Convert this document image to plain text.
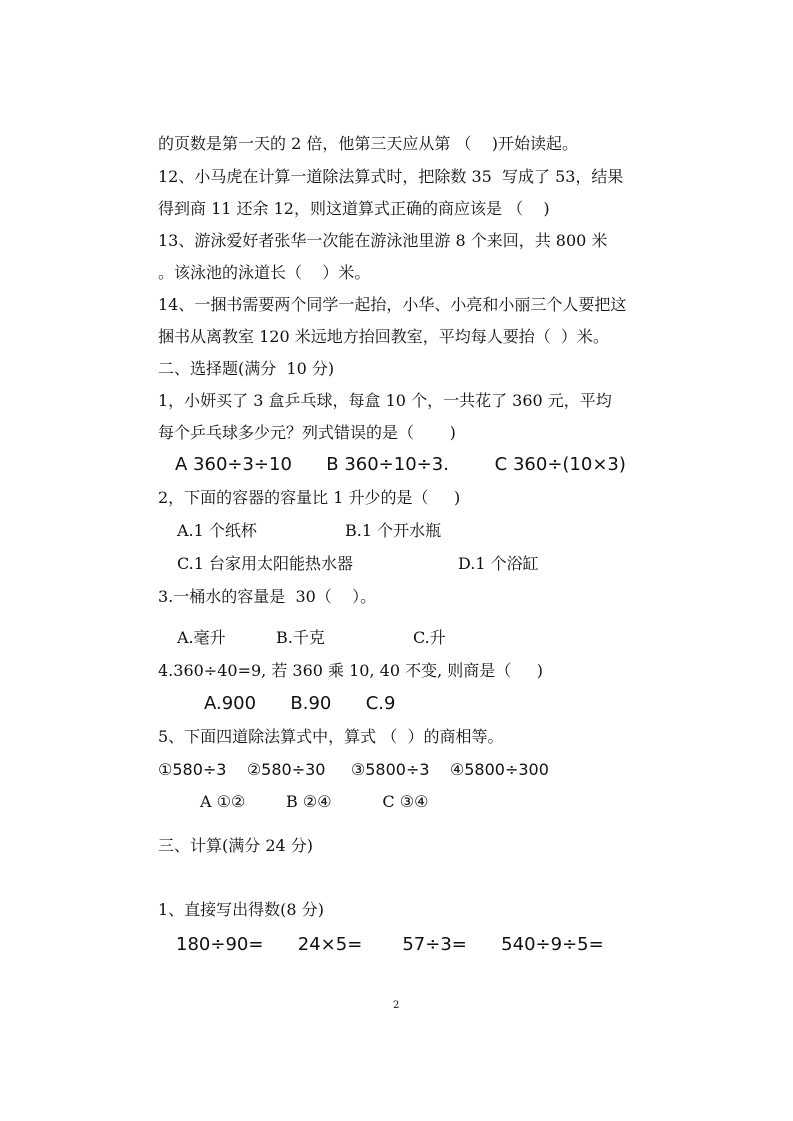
的页数是第一天的 2 倍，他第三天应从第 （    )开始读起。
12、小马虎在计算一道除法算式时，把除数 35  写成了 53，结果
得到商 11 还余 12，则这道算式正确的商应该是 （    )
13、游泳爱好者张华一次能在游泳池里游 8 个来回，共 800 米
。该泳池的泳道长（    ）米。
14、一捆书需要两个同学一起抬，小华、小亮和小丽三个人要把这
捆书从离教室 120 米远地方抬回教室，平均每人要抬（  ）米。
二、选择题(满分  10 分)
1，小妍买了 3 盒乒乓球，每盒 10 个，一共花了 360 元，平均
每个乒乓球多少元？列式错误的是（       )
A 360÷3÷10      B 360÷10÷3.        C 360÷(10×3)
2，下面的容器的容量比 1 升少的是（     )
A.1 个纸杯	B.1 个开水瓶
C.1 台家用太阳能热水器	D.1 个浴缸
3.一桶水的容量是  30（    ）。
A.毫升	B.千克	C.升
4.360÷40=9, 若 360 乘 10, 40 不变, 则商是（     )
A.900      B.90      C.9
5、下面四道除法算式中，算式 （  ）的商相等。
①580÷3    ②580÷30     ③5800÷3    ④5800÷300
A ①②        B ②④          C ③④
三、计算(满分 24 分)
1、直接写出得数(8 分)
180÷90=      24×5=       57÷3=      540÷9÷5=
2
